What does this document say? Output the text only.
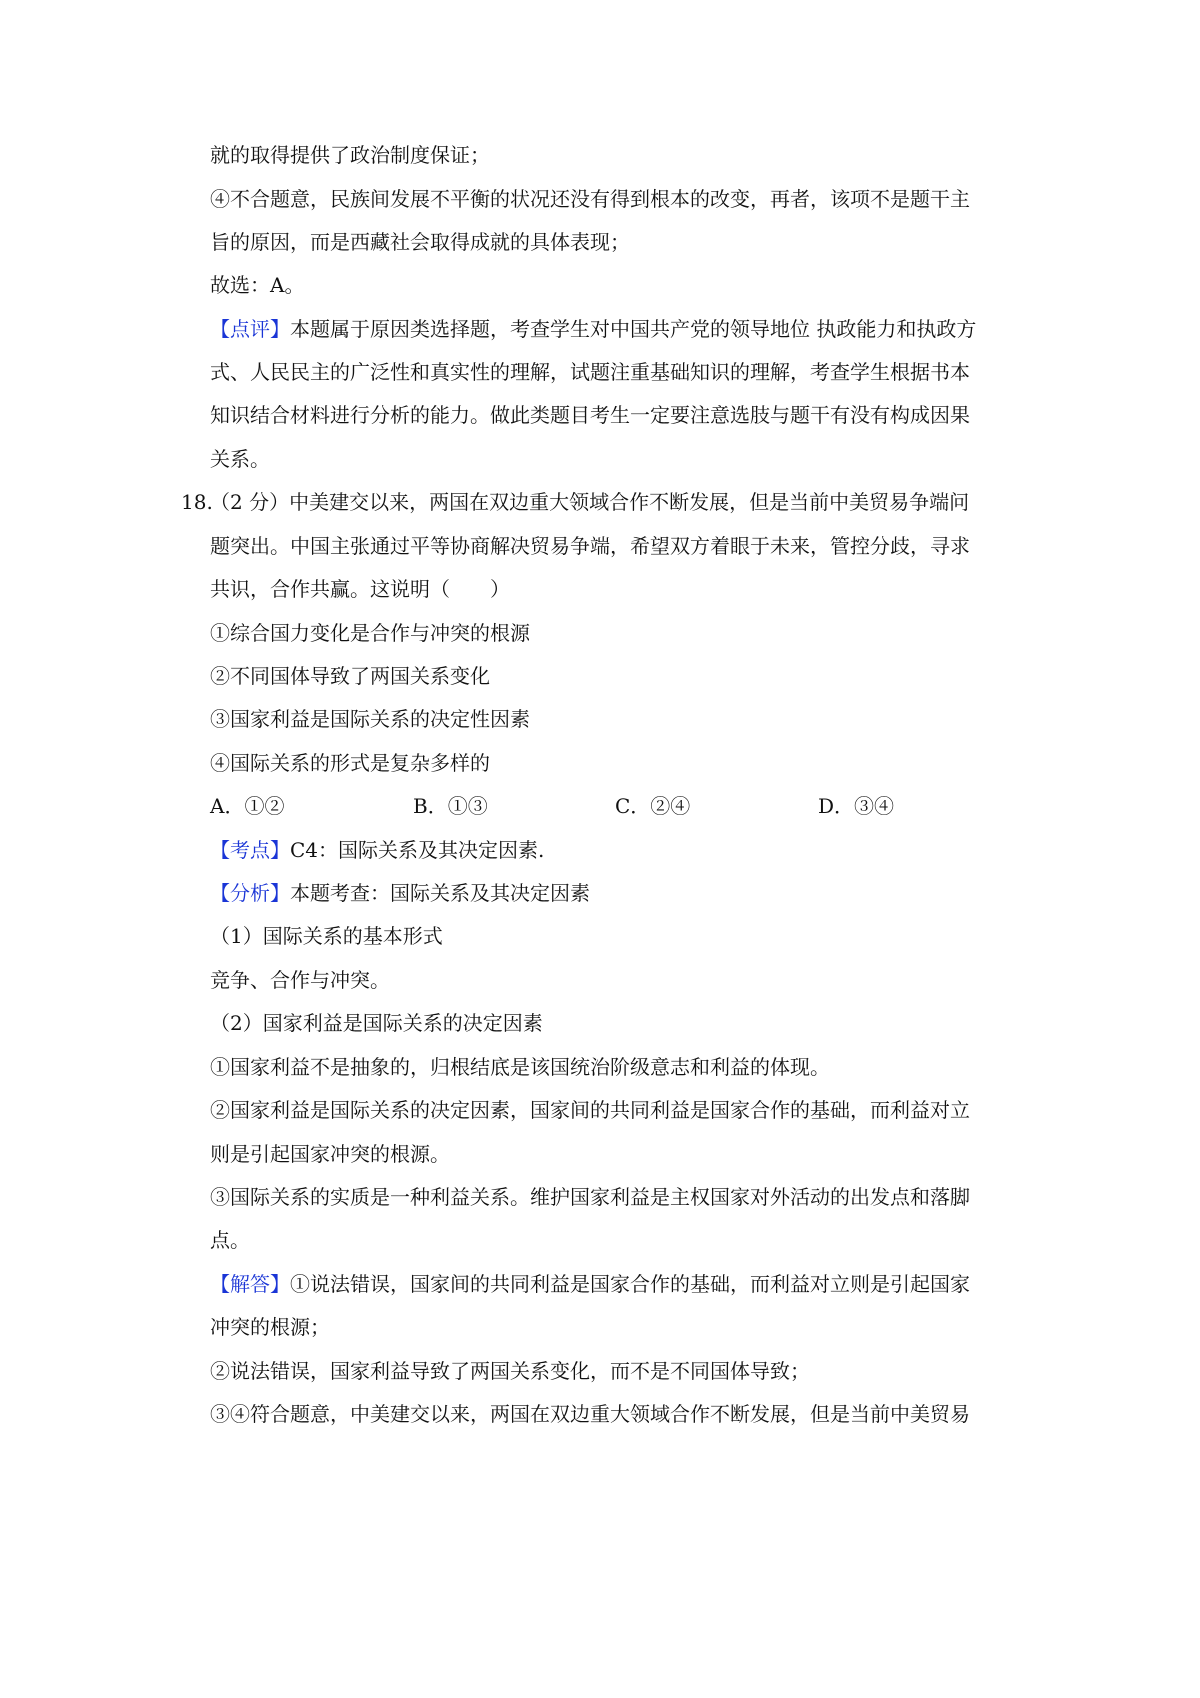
就的取得提供了政治制度保证；
④不合题意，民族间发展不平衡的状况还没有得到根本的改变，再者，该项不是题干主
旨的原因，而是西藏社会取得成就的具体表现；
故选：A。
【点评】本题属于原因类选择题，考查学生对中国共产党的领导地位 执政能力和执政方
式、人民民主的广泛性和真实性的理解，试题注重基础知识的理解，考查学生根据书本
知识结合材料进行分析的能力。做此类题目考生一定要注意选肢与题干有没有构成因果
关系。
18.
（2 分）中美建交以来，两国在双边重大领域合作不断发展，但是当前中美贸易争端问
题突出。中国主张通过平等协商解决贸易争端，希望双方着眼于未来，管控分歧，寻求
共识，合作共赢。这说明（　　）
①综合国力变化是合作与冲突的根源
②不同国体导致了两国关系变化
③国家利益是国际关系的决定性因素
④国际关系的形式是复杂多样的
A．①②	B．①③	C．②④	D．③④
【考点】C4：国际关系及其决定因素.
【分析】本题考查：国际关系及其决定因素
（1）国际关系的基本形式
竞争、合作与冲突。
（2）国家利益是国际关系的决定因素
①国家利益不是抽象的，归根结底是该国统治阶级意志和利益的体现。
②国家利益是国际关系的决定因素，国家间的共同利益是国家合作的基础，而利益对立
则是引起国家冲突的根源。
③国际关系的实质是一种利益关系。维护国家利益是主权国家对外活动的出发点和落脚
点。
【解答】①说法错误，国家间的共同利益是国家合作的基础，而利益对立则是引起国家
冲突的根源；
②说法错误，国家利益导致了两国关系变化，而不是不同国体导致；
③④符合题意，中美建交以来，两国在双边重大领域合作不断发展，但是当前中美贸易
